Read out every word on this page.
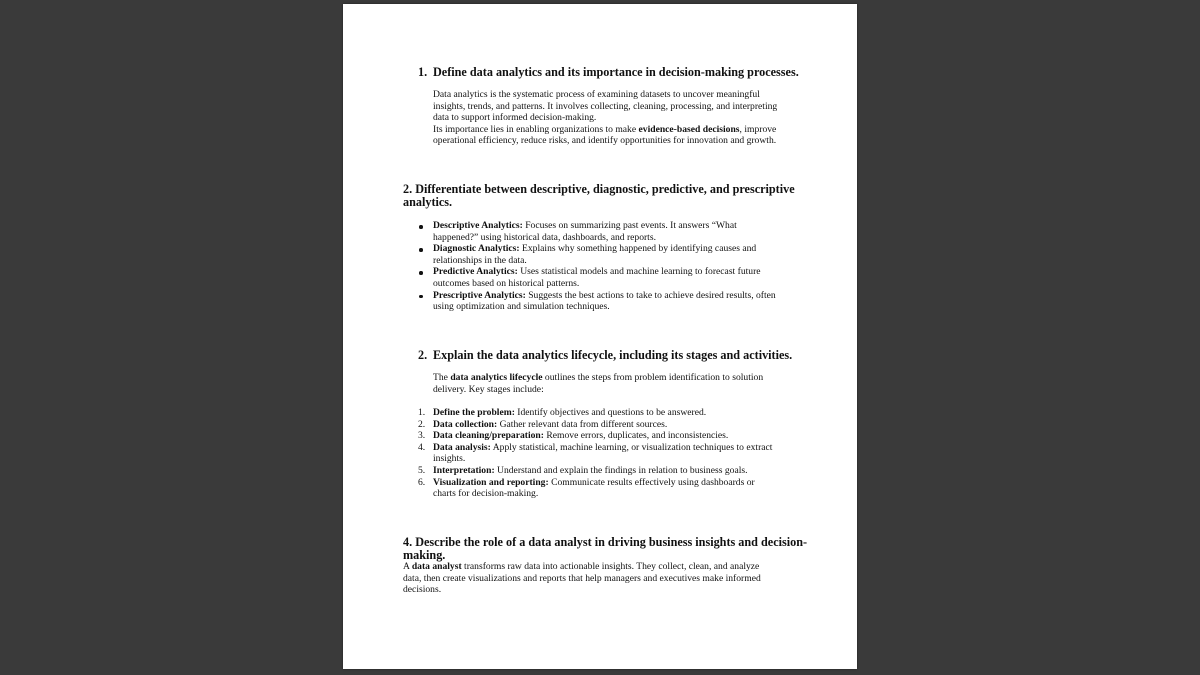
1. Define data analytics and its importance in decision-making processes.
Data analytics is the systematic process of examining datasets to uncover meaningful
insights, trends, and patterns. It involves collecting, cleaning, processing, and interpreting
data to support informed decision-making.
Its importance lies in enabling organizations to make evidence-based decisions, improve
operational efficiency, reduce risks, and identify opportunities for innovation and growth.
2. Differentiate between descriptive, diagnostic, predictive, and prescriptive
analytics.
Descriptive Analytics: Focuses on summarizing past events. It answers “What
happened?” using historical data, dashboards, and reports.
Diagnostic Analytics: Explains why something happened by identifying causes and
relationships in the data.
Predictive Analytics: Uses statistical models and machine learning to forecast future
outcomes based on historical patterns.
Prescriptive Analytics: Suggests the best actions to take to achieve desired results, often
using optimization and simulation techniques.
2. Explain the data analytics lifecycle, including its stages and activities.
The data analytics lifecycle outlines the steps from problem identification to solution
delivery. Key stages include:
1. Define the problem: Identify objectives and questions to be answered.
2. Data collection: Gather relevant data from different sources.
3. Data cleaning/preparation: Remove errors, duplicates, and inconsistencies.
4. Data analysis: Apply statistical, machine learning, or visualization techniques to extract
insights.
5. Interpretation: Understand and explain the findings in relation to business goals.
6. Visualization and reporting: Communicate results effectively using dashboards or
charts for decision-making.
4. Describe the role of a data analyst in driving business insights and decision-
making.
A data analyst transforms raw data into actionable insights. They collect, clean, and analyze
data, then create visualizations and reports that help managers and executives make informed
decisions.
